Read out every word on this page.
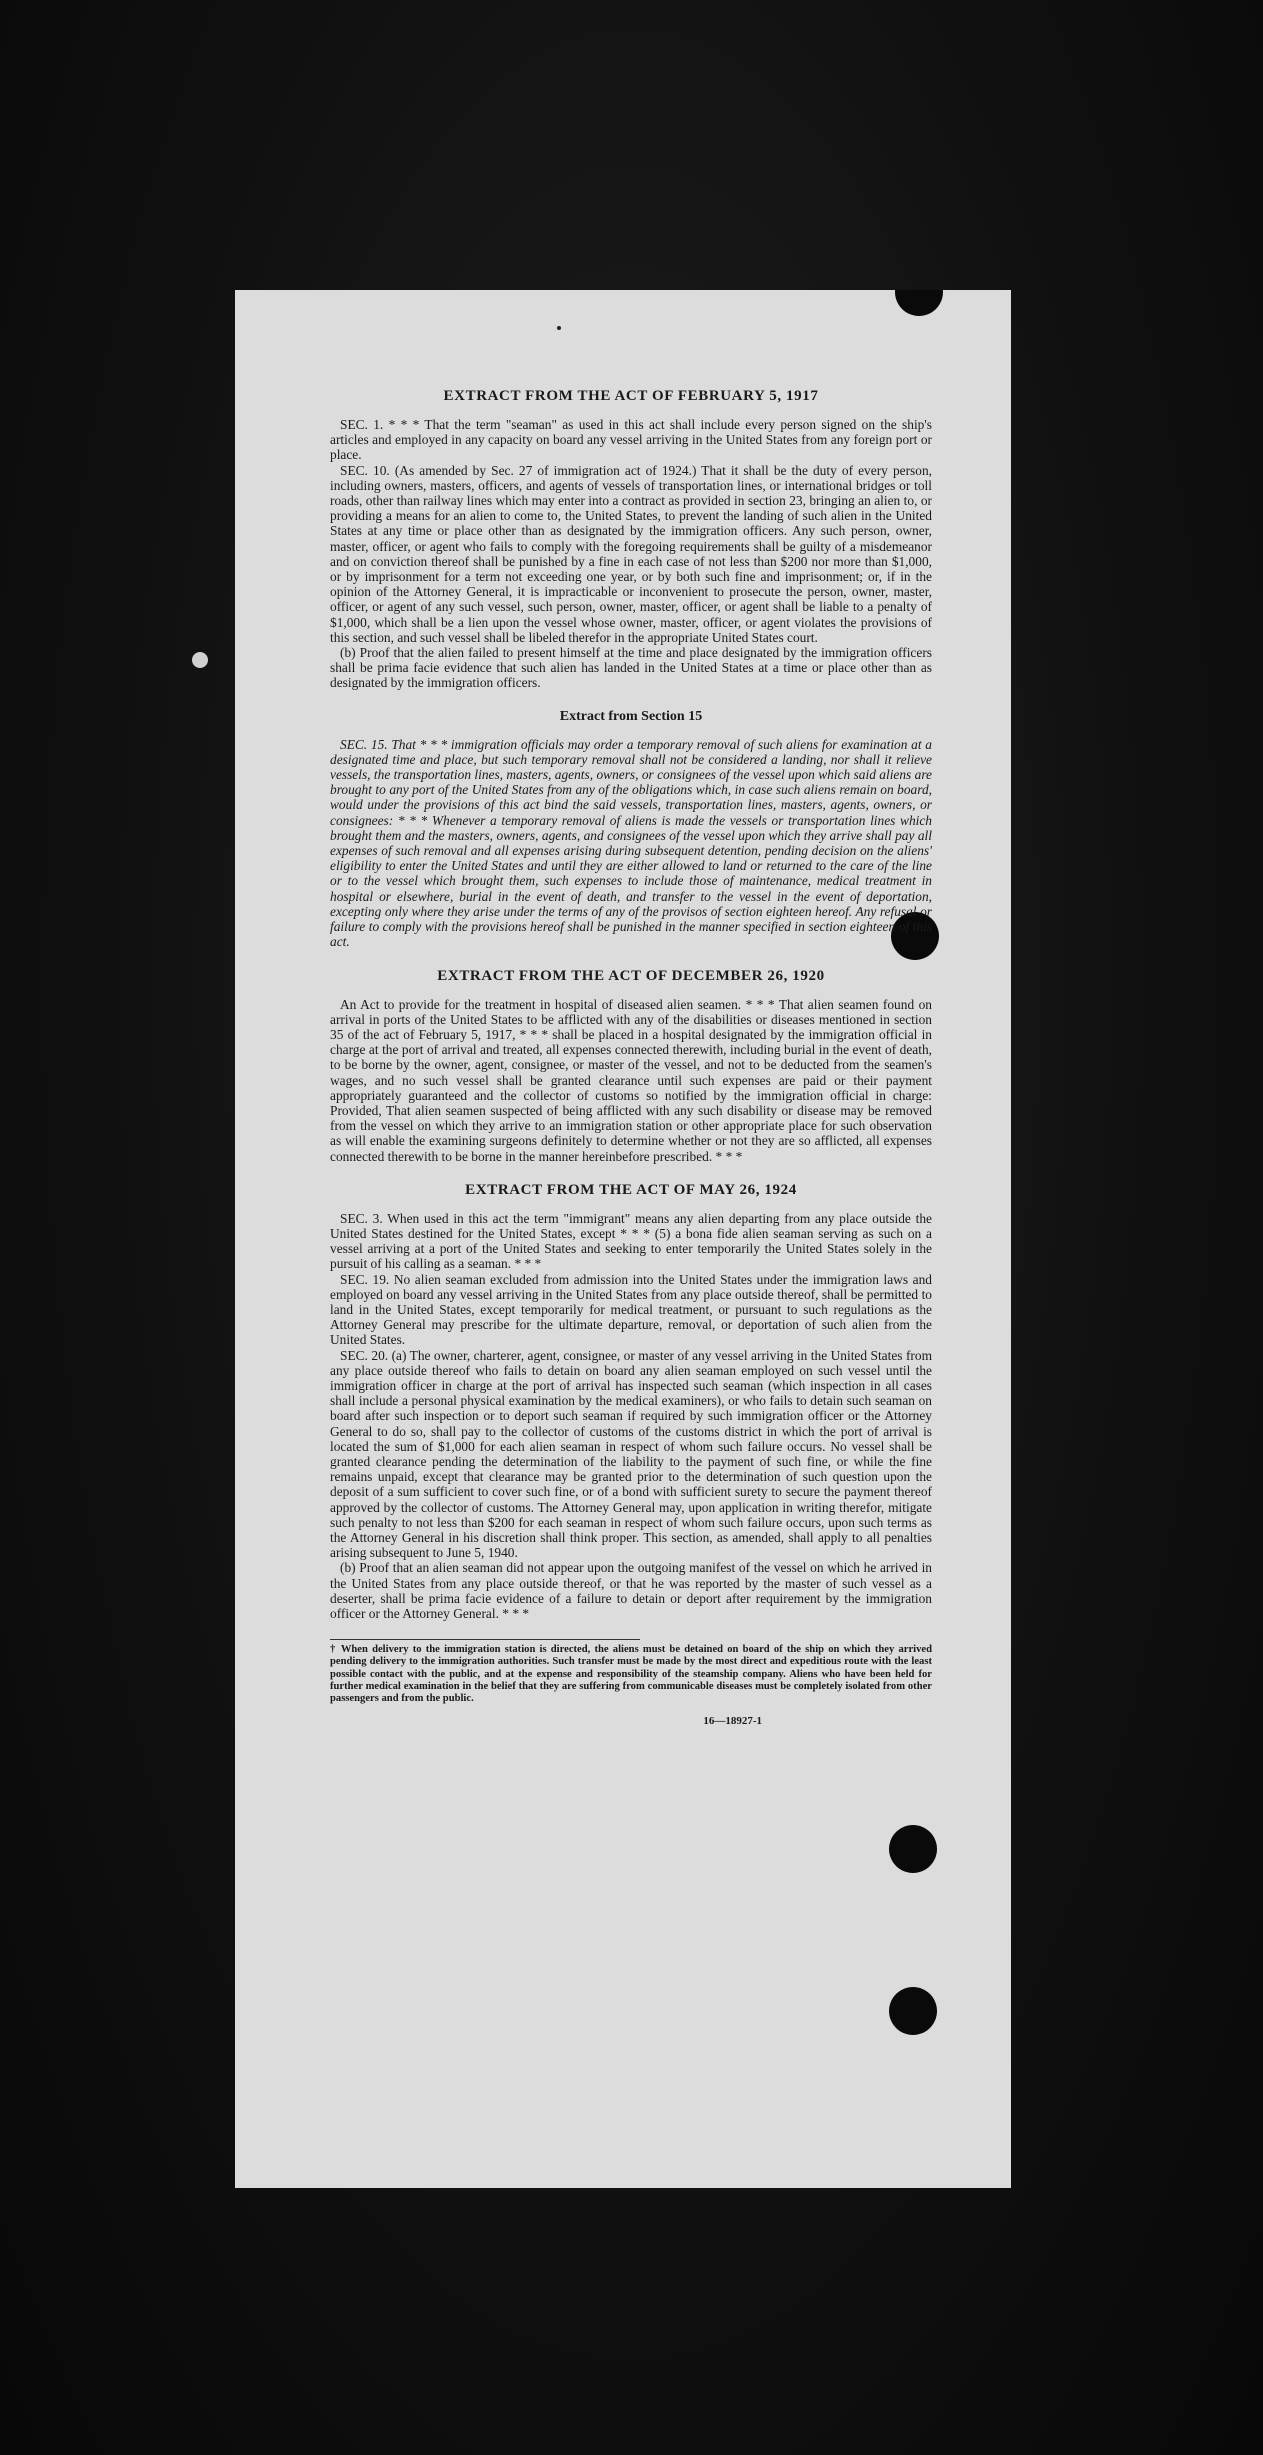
EXTRACT FROM THE ACT OF FEBRUARY 5, 1917

SEC. 1. * * * That the term "seaman" as used in this act shall include every person signed on the ship's articles and employed in any capacity on board any vessel arriving in the United States from any foreign port or place.

SEC. 10. (As amended by Sec. 27 of immigration act of 1924.) That it shall be the duty of every person, including owners, masters, officers, and agents of vessels of transportation lines, or international bridges or toll roads, other than railway lines which may enter into a contract as provided in section 23, bringing an alien to, or providing a means for an alien to come to, the United States, to prevent the landing of such alien in the United States at any time or place other than as designated by the immigration officers. Any such person, owner, master, officer, or agent who fails to comply with the foregoing requirements shall be guilty of a misdemeanor and on conviction thereof shall be punished by a fine in each case of not less than $200 nor more than $1,000, or by imprisonment for a term not exceeding one year, or by both such fine and imprisonment; or, if in the opinion of the Attorney General, it is impracticable or inconvenient to prosecute the person, owner, master, officer, or agent of any such vessel, such person, owner, master, officer, or agent shall be liable to a penalty of $1,000, which shall be a lien upon the vessel whose owner, master, officer, or agent violates the provisions of this section, and such vessel shall be libeled therefor in the appropriate United States court.

(b) Proof that the alien failed to present himself at the time and place designated by the immigration officers shall be prima facie evidence that such alien has landed in the United States at a time or place other than as designated by the immigration officers.

Extract from Section 15

SEC. 15. That * * * immigration officials may order a temporary removal of such aliens for examination at a designated time and place, but such temporary removal shall not be considered a landing, nor shall it relieve vessels, the transportation lines, masters, agents, owners, or consignees of the vessel upon which said aliens are brought to any port of the United States from any of the obligations which, in case such aliens remain on board, would under the provisions of this act bind the said vessels, transportation lines, masters, agents, owners, or consignees: * * * Whenever a temporary removal of aliens is made the vessels or transportation lines which brought them and the masters, owners, agents, and consignees of the vessel upon which they arrive shall pay all expenses of such removal and all expenses arising during subsequent detention, pending decision on the aliens' eligibility to enter the United States and until they are either allowed to land or returned to the care of the line or to the vessel which brought them, such expenses to include those of maintenance, medical treatment in hospital or elsewhere, burial in the event of death, and transfer to the vessel in the event of deportation, excepting only where they arise under the terms of any of the provisos of section eighteen hereof. Any refusal or failure to comply with the provisions hereof shall be punished in the manner specified in section eighteen of this act.

EXTRACT FROM THE ACT OF DECEMBER 26, 1920

An Act to provide for the treatment in hospital of diseased alien seamen. * * * That alien seamen found on arrival in ports of the United States to be afflicted with any of the disabilities or diseases mentioned in section 35 of the act of February 5, 1917, * * * shall be placed in a hospital designated by the immigration official in charge at the port of arrival and treated, all expenses connected therewith, including burial in the event of death, to be borne by the owner, agent, consignee, or master of the vessel, and not to be deducted from the seamen's wages, and no such vessel shall be granted clearance until such expenses are paid or their payment appropriately guaranteed and the collector of customs so notified by the immigration official in charge: Provided, That alien seamen suspected of being afflicted with any such disability or disease may be removed from the vessel on which they arrive to an immigration station or other appropriate place for such observation as will enable the examining surgeons definitely to determine whether or not they are so afflicted, all expenses connected therewith to be borne in the manner hereinbefore prescribed. * * *

EXTRACT FROM THE ACT OF MAY 26, 1924

SEC. 3. When used in this act the term "immigrant" means any alien departing from any place outside the United States destined for the United States, except * * * (5) a bona fide alien seaman serving as such on a vessel arriving at a port of the United States and seeking to enter temporarily the United States solely in the pursuit of his calling as a seaman. * * *

SEC. 19. No alien seaman excluded from admission into the United States under the immigration laws and employed on board any vessel arriving in the United States from any place outside thereof, shall be permitted to land in the United States, except temporarily for medical treatment, or pursuant to such regulations as the Attorney General may prescribe for the ultimate departure, removal, or deportation of such alien from the United States.

SEC. 20. (a) The owner, charterer, agent, consignee, or master of any vessel arriving in the United States from any place outside thereof who fails to detain on board any alien seaman employed on such vessel until the immigration officer in charge at the port of arrival has inspected such seaman (which inspection in all cases shall include a personal physical examination by the medical examiners), or who fails to detain such seaman on board after such inspection or to deport such seaman if required by such immigration officer or the Attorney General to do so, shall pay to the collector of customs of the customs district in which the port of arrival is located the sum of $1,000 for each alien seaman in respect of whom such failure occurs. No vessel shall be granted clearance pending the determination of the liability to the payment of such fine, or while the fine remains unpaid, except that clearance may be granted prior to the determination of such question upon the deposit of a sum sufficient to cover such fine, or of a bond with sufficient surety to secure the payment thereof approved by the collector of customs. The Attorney General may, upon application in writing therefor, mitigate such penalty to not less than $200 for each seaman in respect of whom such failure occurs, upon such terms as the Attorney General in his discretion shall think proper. This section, as amended, shall apply to all penalties arising subsequent to June 5, 1940.

(b) Proof that an alien seaman did not appear upon the outgoing manifest of the vessel on which he arrived in the United States from any place outside thereof, or that he was reported by the master of such vessel as a deserter, shall be prima facie evidence of a failure to detain or deport after requirement by the immigration officer or the Attorney General. * * *

† When delivery to the immigration station is directed, the aliens must be detained on board of the ship on which they arrived pending delivery to the immigration authorities. Such transfer must be made by the most direct and expeditious route with the least possible contact with the public, and at the expense and responsibility of the steamship company. Aliens who have been held for further medical examination in the belief that they are suffering from communicable diseases must be completely isolated from other passengers and from the public.

16—18927-1
